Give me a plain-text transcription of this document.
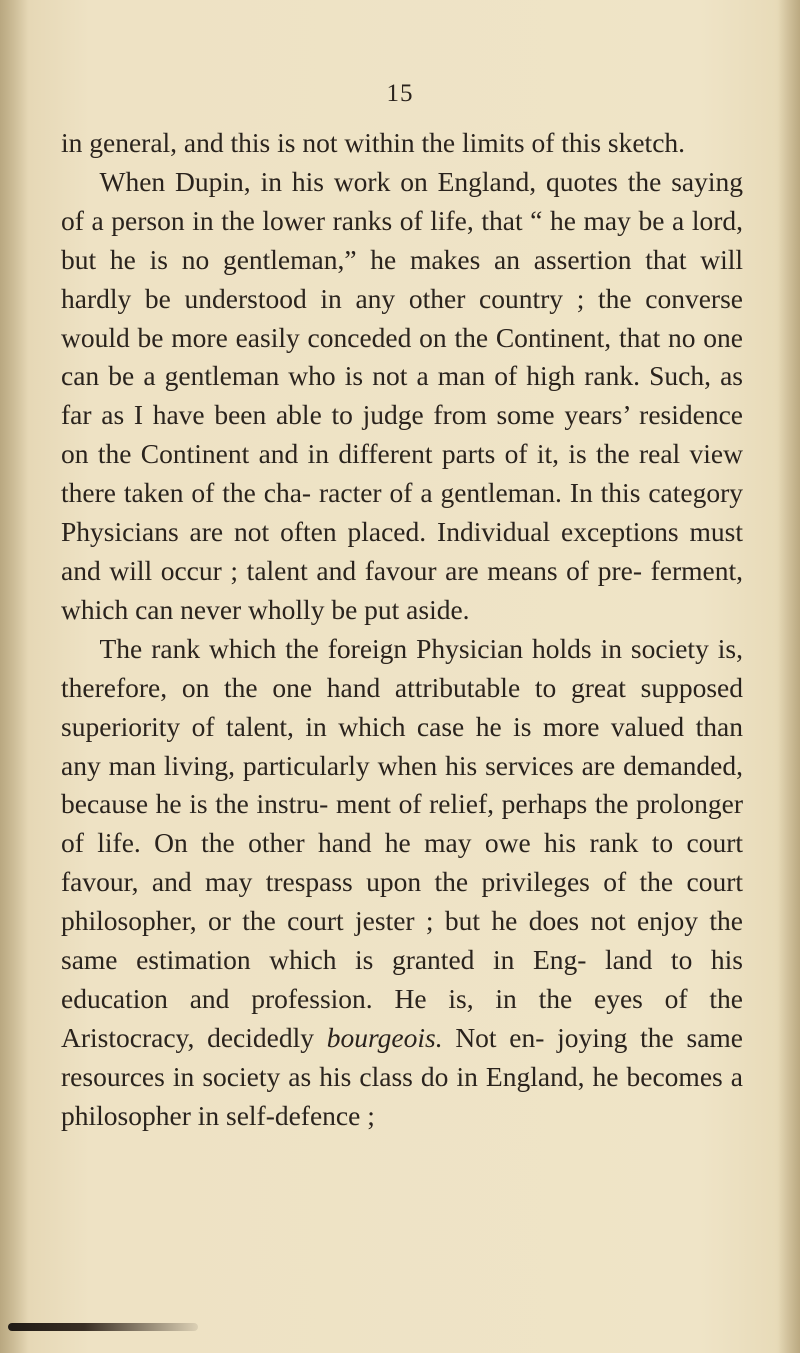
15

in general, and this is not within the limits of this sketch.

When Dupin, in his work on England, quotes the saying of a person in the lower ranks of life, that “ he may be a lord, but he is no gentleman,” he makes an assertion that will hardly be understood in any other country ; the converse would be more easily conceded on the Continent, that no one can be a gentleman who is not a man of high rank. Such, as far as I have been able to judge from some years’ residence on the Continent and in different parts of it, is the real view there taken of the cha- racter of a gentleman. In this category Physicians are not often placed. Individual exceptions must and will occur ; talent and favour are means of pre- ferment, which can never wholly be put aside.

The rank which the foreign Physician holds in society is, therefore, on the one hand attributable to great supposed superiority of talent, in which case he is more valued than any man living, particularly when his services are demanded, because he is the instru- ment of relief, perhaps the prolonger of life. On the other hand he may owe his rank to court favour, and may trespass upon the privileges of the court philosopher, or the court jester ; but he does not enjoy the same estimation which is granted in Eng- land to his education and profession. He is, in the eyes of the Aristocracy, decidedly bourgeois. Not en- joying the same resources in society as his class do in England, he becomes a philosopher in self-defence ;
